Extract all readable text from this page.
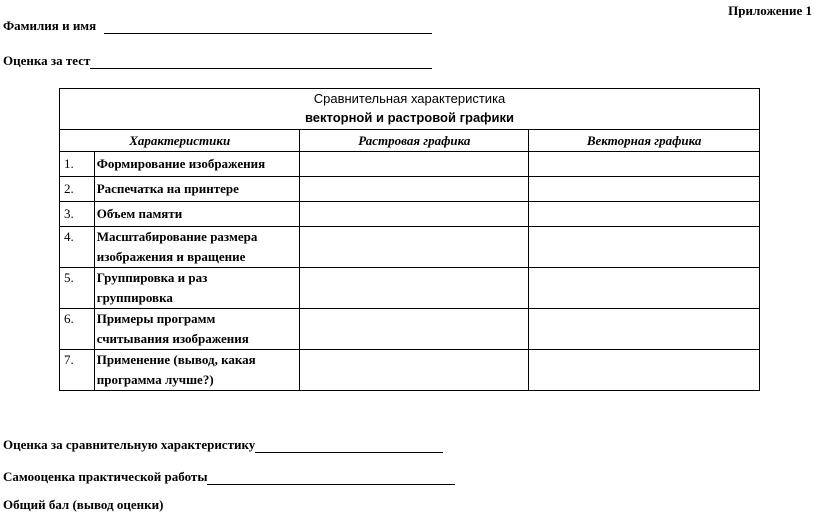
Приложение 1
Фамилия и имя
Оценка за тест
Сравнительная характеристика
векторной и растровой графики			
Характеристики		Растровая графика	Векторная графика
1.	Формирование изображения		
2.	Распечатка на принтере		
3.	Объем памяти		
4.	Масштабирование размера
изображения и вращение		

5.	Группировка и раз
группировка		

6.	Примеры программ
считывания изображения		

7.	Применение (вывод, какая
программа лучше?)		

Оценка за сравнительную характеристику
Самооценка практической работы
Общий бал (вывод оценки)
